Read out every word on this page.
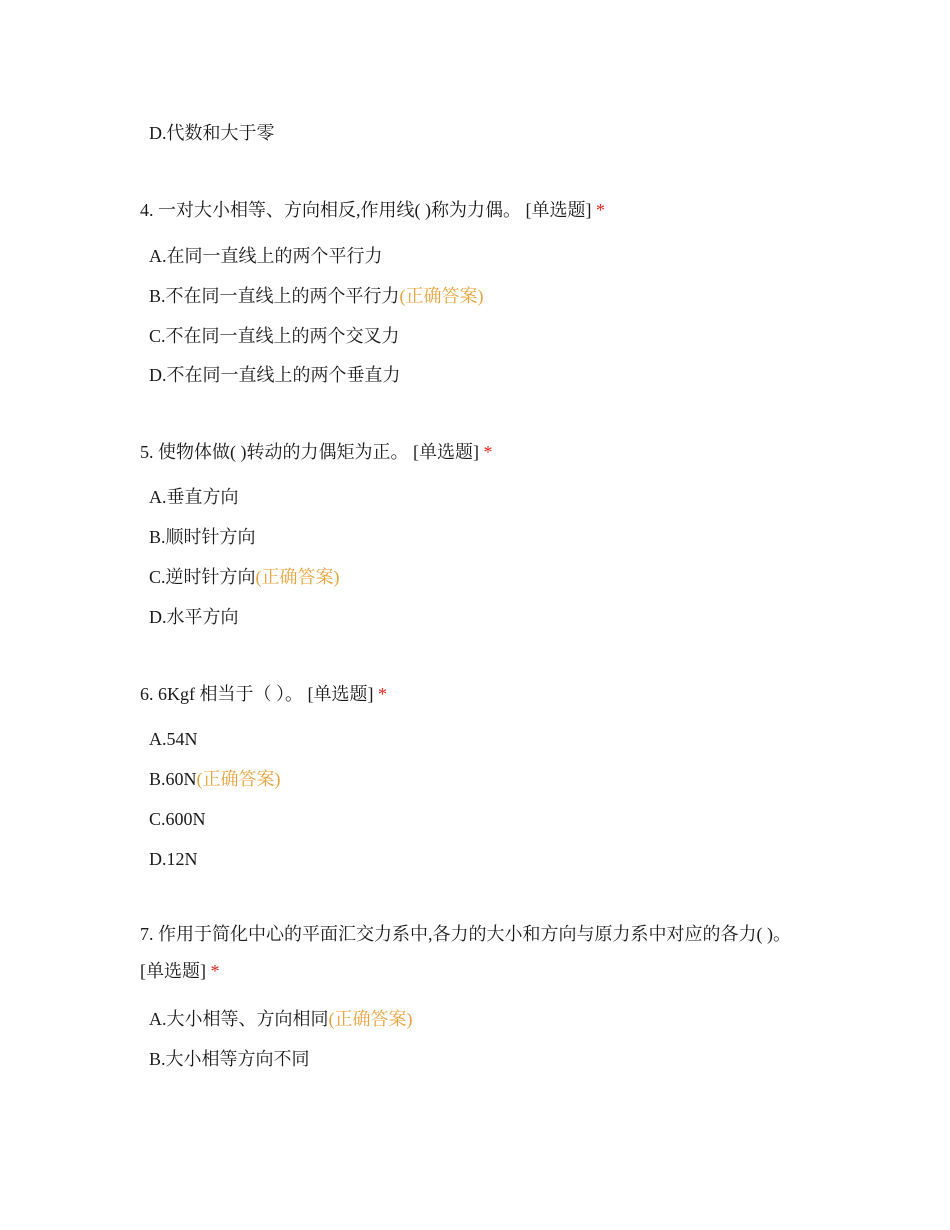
D.代数和大于零
4. 一对大小相等、方向相反,作用线( )称为力偶。 [单选题] *
A.在同一直线上的两个平行力
B.不在同一直线上的两个平行力(正确答案)
C.不在同一直线上的两个交叉力
D.不在同一直线上的两个垂直力
5. 使物体做( )转动的力偶矩为正。 [单选题] *
A.垂直方向
B.顺时针方向
C.逆时针方向(正确答案)
D.水平方向
6. 6Kgf 相当于（ ）。 [单选题] *
A.54N
B.60N(正确答案)
C.600N
D.12N
7. 作用于简化中心的平面汇交力系中,各力的大小和方向与原力系中对应的各力( )。 [单选题] *
A.大小相等、方向相同(正确答案)
B.大小相等方向不同
